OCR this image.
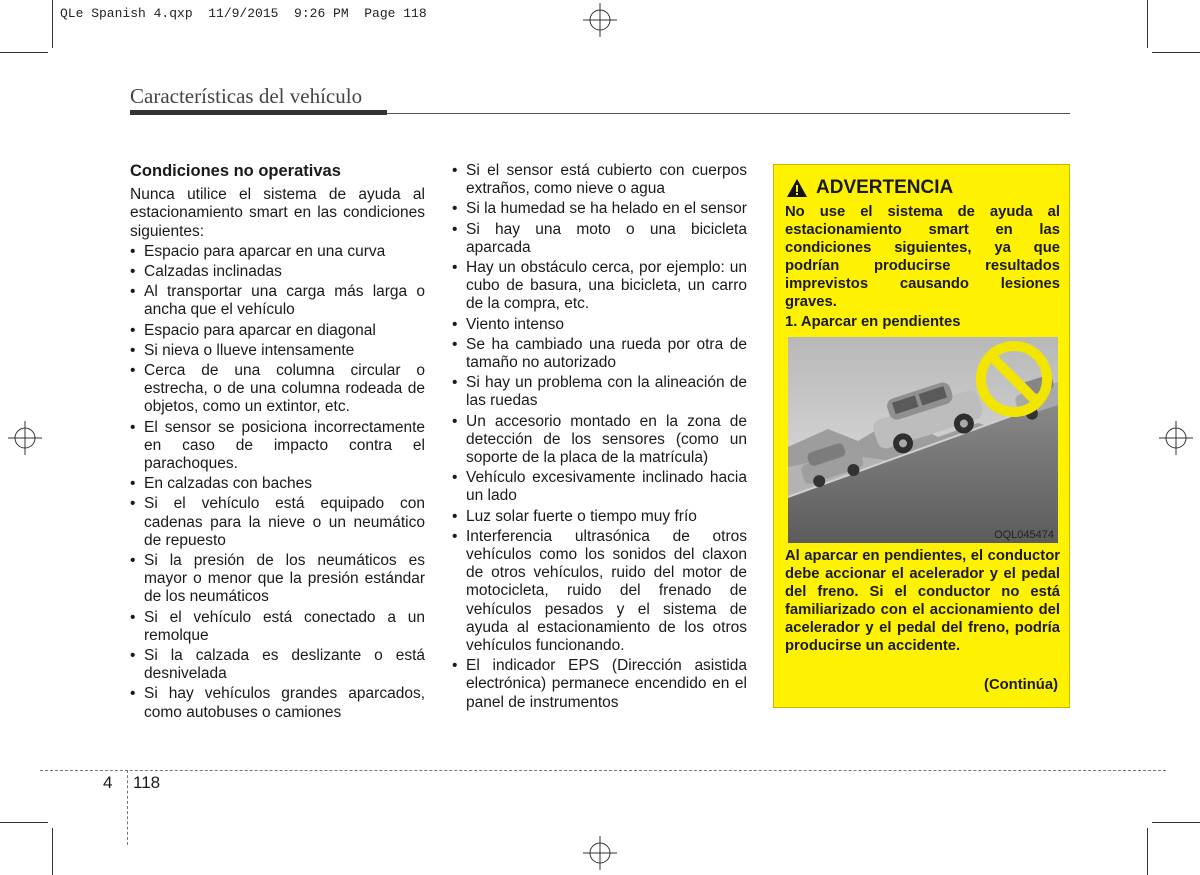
QLe Spanish 4.qxp  11/9/2015  9:26 PM  Page 118
Características del vehículo
Condiciones no operativas
Nunca utilice el sistema de ayuda al estacionamiento smart en las condiciones siguientes:
• Espacio para aparcar en una curva
• Calzadas inclinadas
• Al transportar una carga más larga o ancha que el vehículo
• Espacio para aparcar en diagonal
• Si nieva o llueve intensamente
• Cerca de una columna circular o estrecha, o de una columna rodeada de objetos, como un extintor, etc.
• El sensor se posiciona incorrectamente en caso de impacto contra el parachoques.
• En calzadas con baches
• Si el vehículo está equipado con cadenas para la nieve o un neumático de repuesto
• Si la presión de los neumáticos es mayor o menor que la presión estándar de los neumáticos
• Si el vehículo está conectado a un remolque
• Si la calzada es deslizante o está desnivelada
• Si hay vehículos grandes aparcados, como autobuses o camiones
• Si el sensor está cubierto con cuerpos extraños, como nieve o agua
• Si la humedad se ha helado en el sensor
• Si hay una moto o una bicicleta aparcada
• Hay un obstáculo cerca, por ejemplo: un cubo de basura, una bicicleta, un carro de la compra, etc.
• Viento intenso
• Se ha cambiado una rueda por otra de tamaño no autorizado
• Si hay un problema con la alineación de las ruedas
• Un accesorio montado en la zona de detección de los sensores (como un soporte de la placa de la matrícula)
• Vehículo excesivamente inclinado hacia un lado
• Luz solar fuerte o tiempo muy frío
• Interferencia ultrasónica de otros vehículos como los sonidos del claxon de otros vehículos, ruido del motor de motocicleta, ruido del frenado de vehículos pesados y el sistema de ayuda al estacionamiento de los otros vehículos funcionando.
• El indicador EPS (Dirección asistida electrónica) permanece encendido en el panel de instrumentos
ADVERTENCIA
No use el sistema de ayuda al estacionamiento smart en las condiciones siguientes, ya que podrían producirse resultados imprevistos causando lesiones graves.
1. Aparcar en pendientes
OQL045474
Al aparcar en pendientes, el conductor debe accionar el acelerador y el pedal del freno. Si el conductor no está familiarizado con el accionamiento del acelerador y el pedal del freno, podría producirse un accidente.
(Continúa)
4 118
